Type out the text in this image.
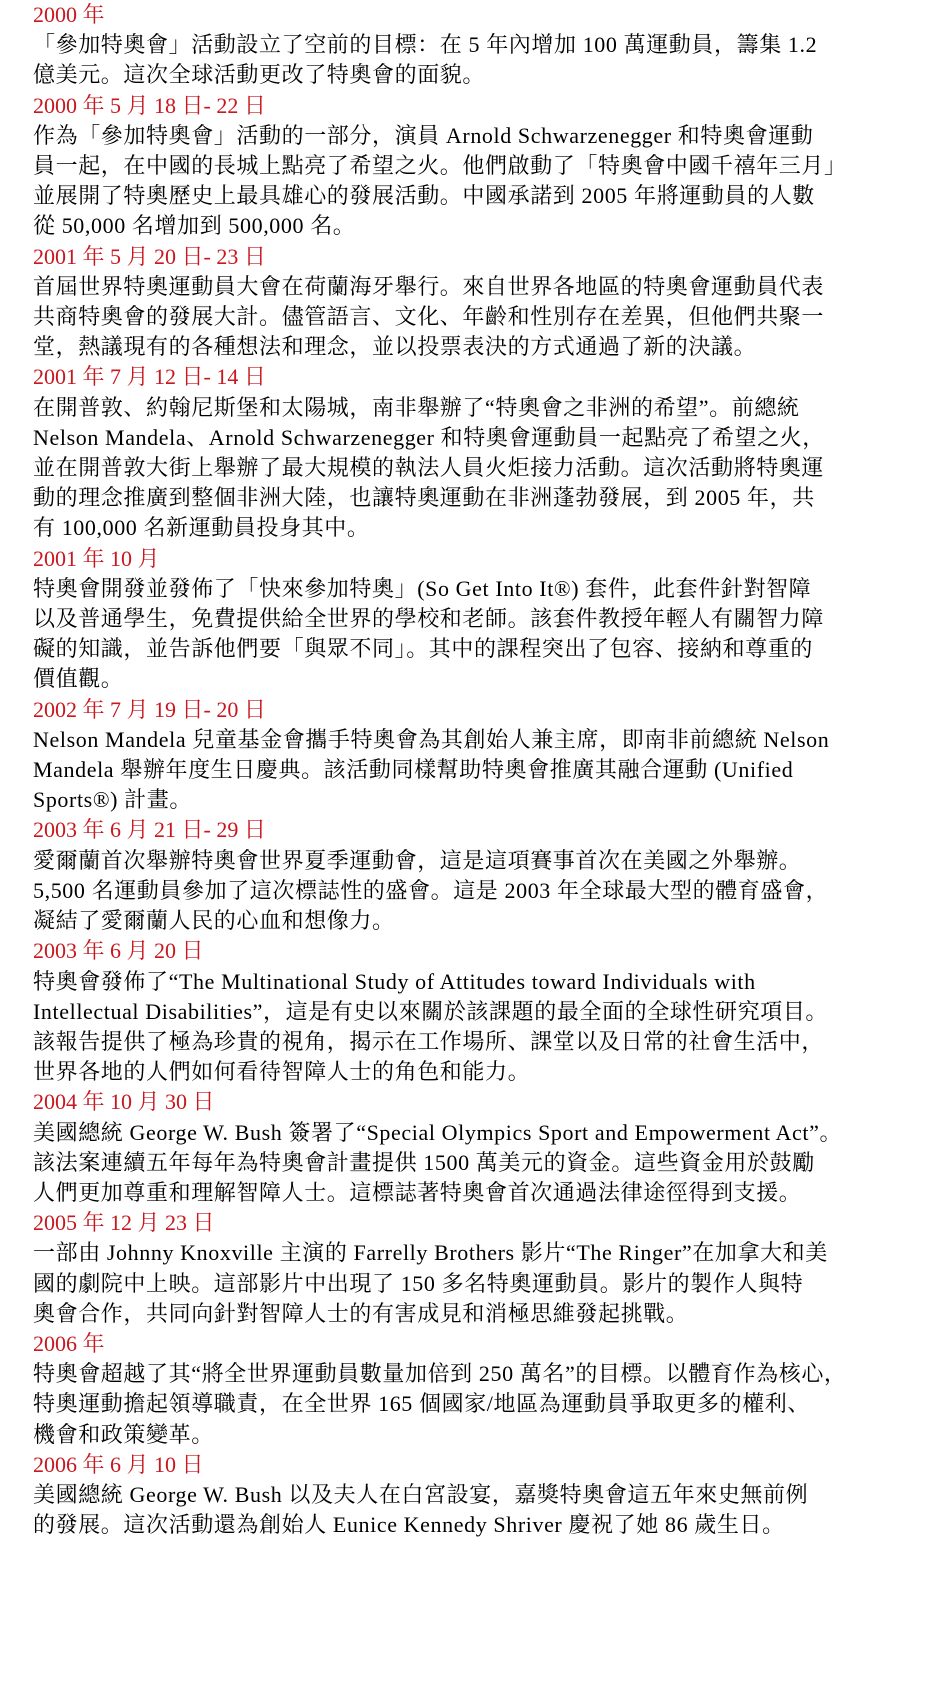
2000 年
「參加特奧會」活動設立了空前的目標：在 5 年內增加 100 萬運動員，籌集 1.2
億美元。這次全球活動更改了特奧會的面貌。
2000 年 5 月 18 日- 22 日
作為「參加特奧會」活動的一部分，演員 Arnold Schwarzenegger 和特奧會運動
員一起，在中國的長城上點亮了希望之火。他們啟動了「特奧會中國千禧年三月」
並展開了特奧歷史上最具雄心的發展活動。中國承諾到 2005 年將運動員的人數
從 50,000 名增加到 500,000 名。
2001 年 5 月 20 日- 23 日
首屆世界特奧運動員大會在荷蘭海牙舉行。來自世界各地區的特奧會運動員代表
共商特奧會的發展大計。儘管語言、文化、年齡和性別存在差異，但他們共聚一
堂，熱議現有的各種想法和理念，並以投票表決的方式通過了新的決議。
2001 年 7 月 12 日- 14 日
在開普敦、約翰尼斯堡和太陽城，南非舉辦了“特奧會之非洲的希望”。前總統
Nelson Mandela、Arnold Schwarzenegger 和特奧會運動員一起點亮了希望之火，
並在開普敦大街上舉辦了最大規模的執法人員火炬接力活動。這次活動將特奧運
動的理念推廣到整個非洲大陸，也讓特奧運動在非洲蓬勃發展，到 2005 年，共
有 100,000 名新運動員投身其中。
2001 年 10 月
特奧會開發並發佈了「快來參加特奧」(So Get Into It®) 套件，此套件針對智障
以及普通學生，免費提供給全世界的學校和老師。該套件教授年輕人有關智力障
礙的知識，並告訴他們要「與眾不同」。其中的課程突出了包容、接納和尊重的
價值觀。
2002 年 7 月 19 日- 20 日
Nelson Mandela 兒童基金會攜手特奧會為其創始人兼主席，即南非前總統 Nelson
Mandela 舉辦年度生日慶典。該活動同樣幫助特奧會推廣其融合運動 (Unified
Sports®) 計畫。
2003 年 6 月 21 日- 29 日
愛爾蘭首次舉辦特奧會世界夏季運動會，這是這項賽事首次在美國之外舉辦。
5,500 名運動員參加了這次標誌性的盛會。這是 2003 年全球最大型的體育盛會，
凝結了愛爾蘭人民的心血和想像力。
2003 年 6 月 20 日
特奧會發佈了“The Multinational Study of Attitudes toward Individuals with
Intellectual Disabilities”，這是有史以來關於該課題的最全面的全球性研究項目。
該報告提供了極為珍貴的視角，揭示在工作場所、課堂以及日常的社會生活中，
世界各地的人們如何看待智障人士的角色和能力。
2004 年 10 月 30 日
美國總統 George W. Bush 簽署了“Special Olympics Sport and Empowerment Act”。
該法案連續五年每年為特奧會計畫提供 1500 萬美元的資金。這些資金用於鼓勵
人們更加尊重和理解智障人士。這標誌著特奧會首次通過法律途徑得到支援。
2005 年 12 月 23 日
一部由 Johnny Knoxville 主演的 Farrelly Brothers 影片“The Ringer”在加拿大和美
國的劇院中上映。這部影片中出現了 150 多名特奧運動員。影片的製作人與特
奧會合作，共同向針對智障人士的有害成見和消極思維發起挑戰。
2006 年
特奧會超越了其“將全世界運動員數量加倍到 250 萬名”的目標。以體育作為核心，
特奧運動擔起領導職責，在全世界 165 個國家/地區為運動員爭取更多的權利、
機會和政策變革。
2006 年 6 月 10 日
美國總統 George W. Bush 以及夫人在白宮設宴，嘉獎特奧會這五年來史無前例
的發展。這次活動還為創始人 Eunice Kennedy Shriver 慶祝了她 86 歲生日。
